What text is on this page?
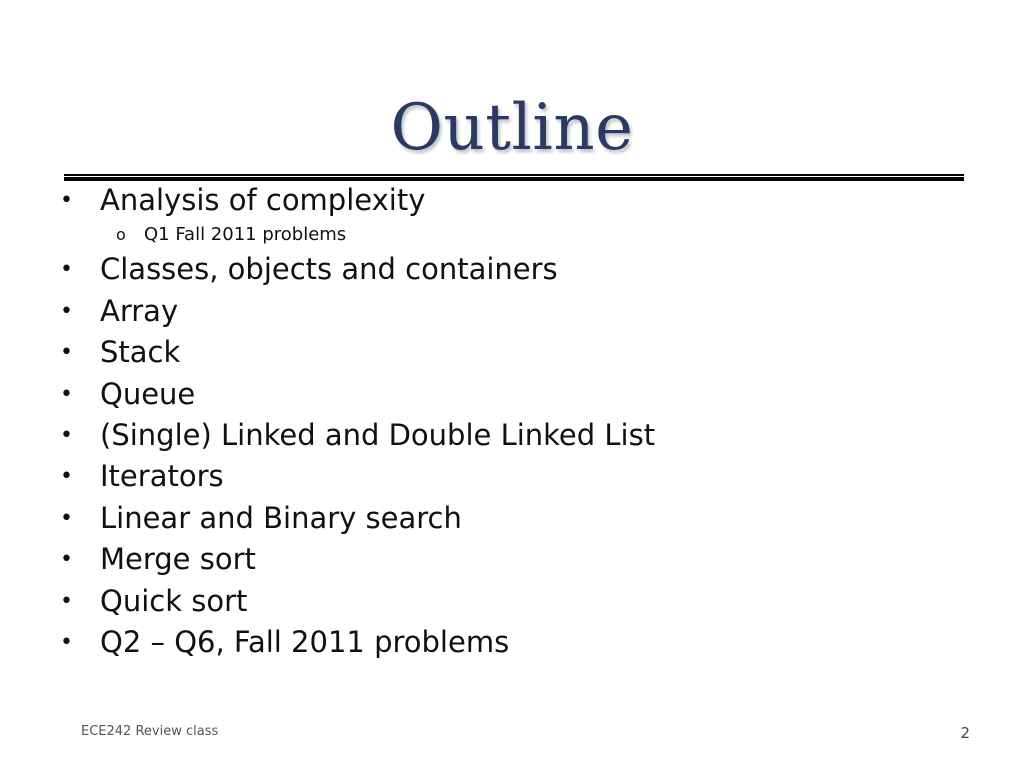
Outline
• Analysis of complexity
o Q1 Fall 2011 problems
• Classes, objects and containers
• Array
• Stack
• Queue
• (Single) Linked and Double Linked List
• Iterators
• Linear and Binary search
• Merge sort
• Quick sort
• Q2 – Q6, Fall 2011 problems
ECE242 Review class	2
